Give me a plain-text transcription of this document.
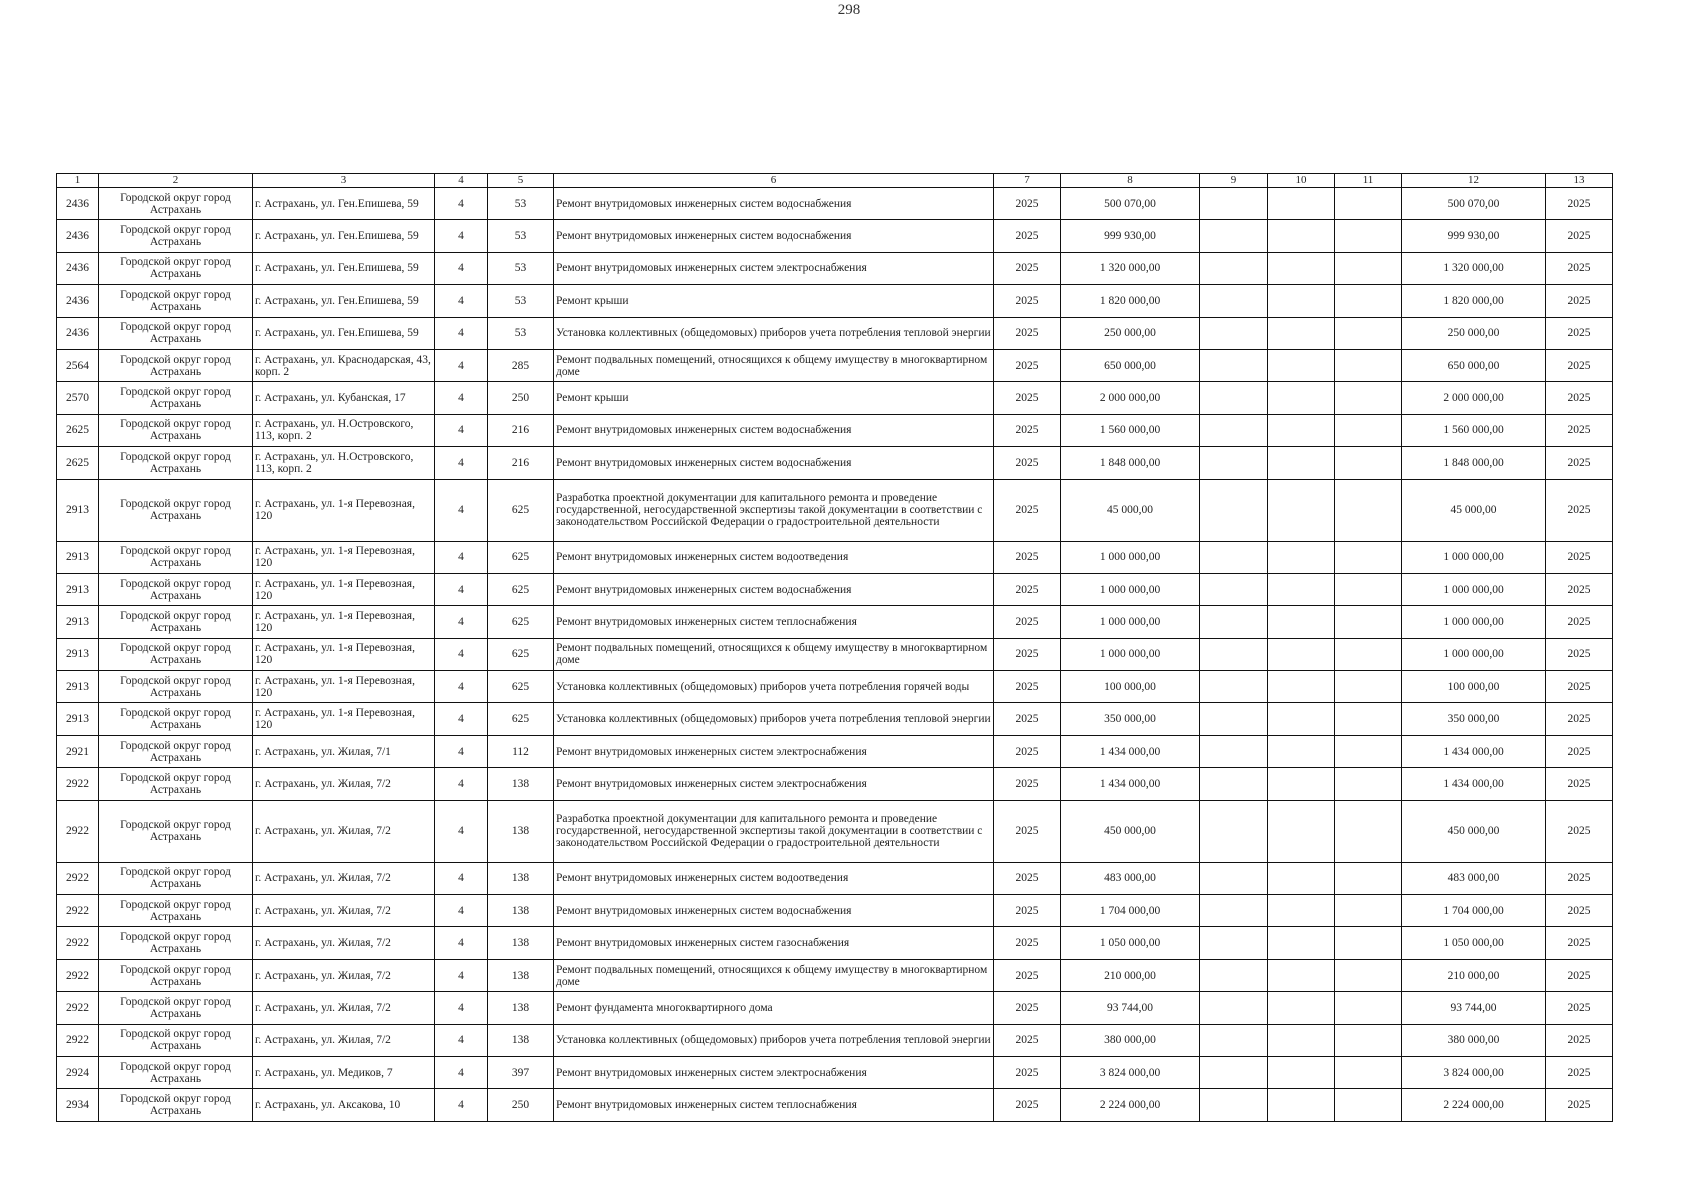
298
1	2	3	4	5	6	7	8	9	10	11	12	13
2436	Городской округ город Астрахань	г. Астрахань, ул. Ген.Епишева, 59	4	53	Ремонт внутридомовых инженерных систем водоснабжения	2025	500 070,00				500 070,00	2025
2436	Городской округ город Астрахань	г. Астрахань, ул. Ген.Епишева, 59	4	53	Ремонт внутридомовых инженерных систем водоснабжения	2025	999 930,00				999 930,00	2025
2436	Городской округ город Астрахань	г. Астрахань, ул. Ген.Епишева, 59	4	53	Ремонт внутридомовых инженерных систем электроснабжения	2025	1 320 000,00				1 320 000,00	2025
2436	Городской округ город Астрахань	г. Астрахань, ул. Ген.Епишева, 59	4	53	Ремонт крыши	2025	1 820 000,00				1 820 000,00	2025
2436	Городской округ город Астрахань	г. Астрахань, ул. Ген.Епишева, 59	4	53	Установка коллективных (общедомовых) приборов учета потребления тепловой энергии	2025	250 000,00				250 000,00	2025
2564	Городской округ город Астрахань	г. Астрахань, ул. Краснодарская, 43, корп. 2	4	285	Ремонт подвальных помещений, относящихся к общему имуществу в многоквартирном доме	2025	650 000,00				650 000,00	2025
2570	Городской округ город Астрахань	г. Астрахань, ул. Кубанская, 17	4	250	Ремонт крыши	2025	2 000 000,00				2 000 000,00	2025
2625	Городской округ город Астрахань	г. Астрахань, ул. Н.Островского, 113, корп. 2	4	216	Ремонт внутридомовых инженерных систем водоснабжения	2025	1 560 000,00				1 560 000,00	2025
2625	Городской округ город Астрахань	г. Астрахань, ул. Н.Островского, 113, корп. 2	4	216	Ремонт внутридомовых инженерных систем водоснабжения	2025	1 848 000,00				1 848 000,00	2025
2913	Городской округ город Астрахань	г. Астрахань, ул. 1-я Перевозная, 120	4	625	Разработка проектной документации для капитального ремонта и проведение государственной, негосударственной экспертизы такой документации в соответствии с законодательством Российской Федерации о градостроительной деятельности	2025	45 000,00				45 000,00	2025
2913	Городской округ город Астрахань	г. Астрахань, ул. 1-я Перевозная, 120	4	625	Ремонт внутридомовых инженерных систем водоотведения	2025	1 000 000,00				1 000 000,00	2025
2913	Городской округ город Астрахань	г. Астрахань, ул. 1-я Перевозная, 120	4	625	Ремонт внутридомовых инженерных систем водоснабжения	2025	1 000 000,00				1 000 000,00	2025
2913	Городской округ город Астрахань	г. Астрахань, ул. 1-я Перевозная, 120	4	625	Ремонт внутридомовых инженерных систем теплоснабжения	2025	1 000 000,00				1 000 000,00	2025
2913	Городской округ город Астрахань	г. Астрахань, ул. 1-я Перевозная, 120	4	625	Ремонт подвальных помещений, относящихся к общему имуществу в многоквартирном доме	2025	1 000 000,00				1 000 000,00	2025
2913	Городской округ город Астрахань	г. Астрахань, ул. 1-я Перевозная, 120	4	625	Установка коллективных (общедомовых) приборов учета потребления горячей воды	2025	100 000,00				100 000,00	2025
2913	Городской округ город Астрахань	г. Астрахань, ул. 1-я Перевозная, 120	4	625	Установка коллективных (общедомовых) приборов учета потребления тепловой энергии	2025	350 000,00				350 000,00	2025
2921	Городской округ город Астрахань	г. Астрахань, ул. Жилая, 7/1	4	112	Ремонт внутридомовых инженерных систем электроснабжения	2025	1 434 000,00				1 434 000,00	2025
2922	Городской округ город Астрахань	г. Астрахань, ул. Жилая, 7/2	4	138	Ремонт внутридомовых инженерных систем электроснабжения	2025	1 434 000,00				1 434 000,00	2025
2922	Городской округ город Астрахань	г. Астрахань, ул. Жилая, 7/2	4	138	Разработка проектной документации для капитального ремонта и проведение государственной, негосударственной экспертизы такой документации в соответствии с законодательством Российской Федерации о градостроительной деятельности	2025	450 000,00				450 000,00	2025
2922	Городской округ город Астрахань	г. Астрахань, ул. Жилая, 7/2	4	138	Ремонт внутридомовых инженерных систем водоотведения	2025	483 000,00				483 000,00	2025
2922	Городской округ город Астрахань	г. Астрахань, ул. Жилая, 7/2	4	138	Ремонт внутридомовых инженерных систем водоснабжения	2025	1 704 000,00				1 704 000,00	2025
2922	Городской округ город Астрахань	г. Астрахань, ул. Жилая, 7/2	4	138	Ремонт внутридомовых инженерных систем газоснабжения	2025	1 050 000,00				1 050 000,00	2025
2922	Городской округ город Астрахань	г. Астрахань, ул. Жилая, 7/2	4	138	Ремонт подвальных помещений, относящихся к общему имуществу в многоквартирном доме	2025	210 000,00				210 000,00	2025
2922	Городской округ город Астрахань	г. Астрахань, ул. Жилая, 7/2	4	138	Ремонт фундамента многоквартирного дома	2025	93 744,00				93 744,00	2025
2922	Городской округ город Астрахань	г. Астрахань, ул. Жилая, 7/2	4	138	Установка коллективных (общедомовых) приборов учета потребления тепловой энергии	2025	380 000,00				380 000,00	2025
2924	Городской округ город Астрахань	г. Астрахань, ул. Медиков, 7	4	397	Ремонт внутридомовых инженерных систем электроснабжения	2025	3 824 000,00				3 824 000,00	2025
2934	Городской округ город Астрахань	г. Астрахань, ул. Аксакова, 10	4	250	Ремонт внутридомовых инженерных систем теплоснабжения	2025	2 224 000,00				2 224 000,00	2025
